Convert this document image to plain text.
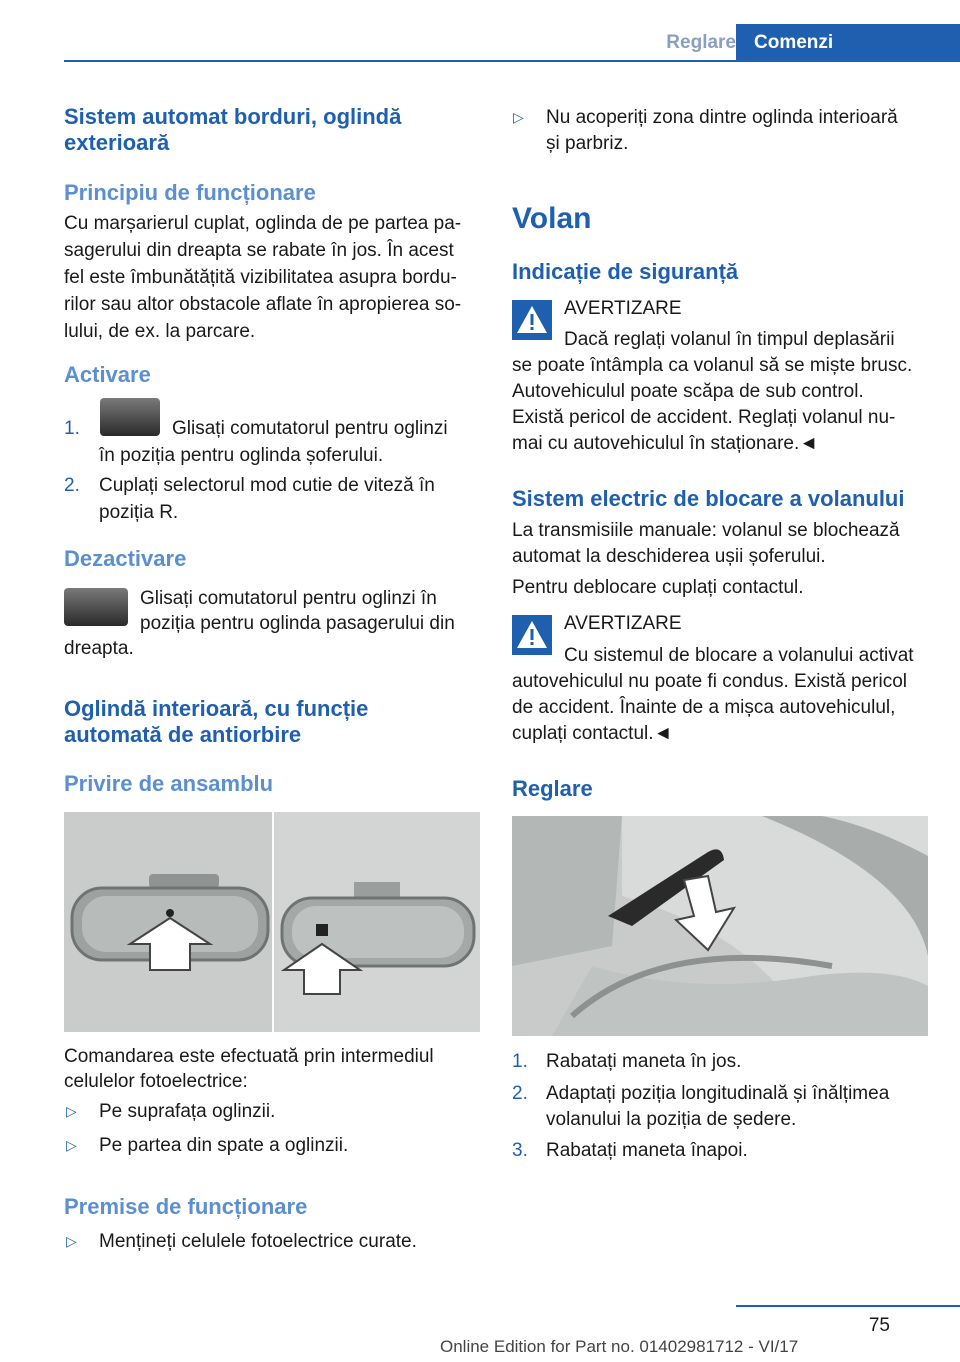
Reglare Comenzi
Sistem automat borduri, oglindă exterioară
Principiu de funcționare
Cu marșarierul cuplat, oglinda de pe partea pa‐
sagerului din dreapta se rabate în jos. În acest
fel este îmbunătățită vizibilitatea asupra bordu‐
rilor sau altor obstacole aflate în apropierea so‐
lului, de ex. la parcare.
Activare
1.	Glisați comutatorul pentru oglinzi
în poziția pentru oglinda șoferului.
2. Cuplați selectorul mod cutie de viteză în
poziția R.
Dezactivare
Glisați comutatorul pentru oglinzi în
poziția pentru oglinda pasagerului din
dreapta.
Oglindă interioară, cu funcție
automată de antiorbire
Privire de ansamblu
Comandarea este efectuată prin intermediul
celulelor fotoelectrice:
▷ Pe suprafața oglinzii.
▷ Pe partea din spate a oglinzii.
Premise de funcționare
▷ Mențineți celulele fotoelectrice curate.
▷ Nu acoperiți zona dintre oglinda interioară
și parbriz.
Volan
Indicație de siguranță
AVERTIZARE
Dacă reglați volanul în timpul deplasării
se poate întâmpla ca volanul să se miște brusc.
Autovehiculul poate scăpa de sub control.
Există pericol de accident. Reglați volanul nu‐
mai cu autovehiculul în staționare.◄
Sistem electric de blocare a volanului
La transmisiile manuale: volanul se blochează
automat la deschiderea ușii șoferului.
Pentru deblocare cuplați contactul.
AVERTIZARE
Cu sistemul de blocare a volanului activat
autovehiculul nu poate fi condus. Există pericol
de accident. Înainte de a mișca autovehiculul,
cuplați contactul.◄
Reglare
1. Rabatați maneta în jos.
2. Adaptați poziția longitudinală și înălțimea
volanului la poziția de ședere.
3. Rabatați maneta înapoi.
75
Online Edition for Part no. 01402981712 - VI/17
